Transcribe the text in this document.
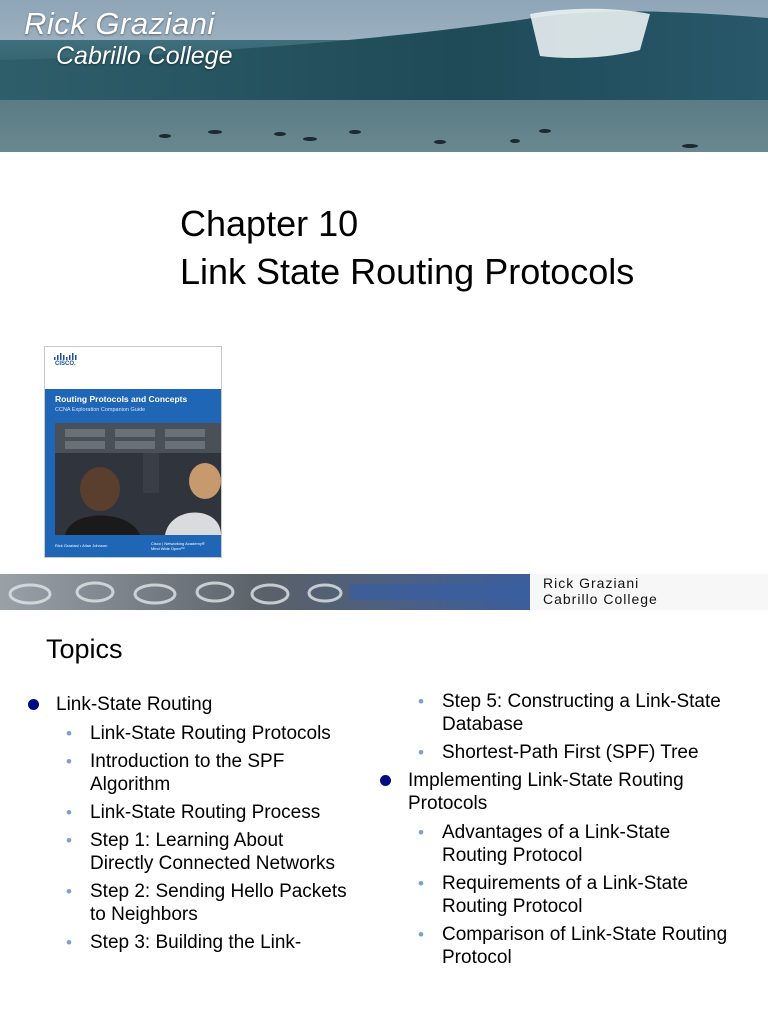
Rick Graziani
Cabrillo College
Chapter 10
Link State Routing Protocols
CISCO.
Routing Protocols and Concepts
CCNA Exploration Companion Guide
Rick Graziani • Allan Johnson	Cisco | Networking Academy®
Mind Wide Open™
Rick Graziani
Cabrillo College
Topics
Link-State Routing
• Link-State Routing Protocols
• Introduction to the SPF Algorithm
• Link-State Routing Process
• Step 1: Learning About Directly Connected Networks
• Step 2: Sending Hello Packets to Neighbors
• Step 3: Building the Link-
• Step 5: Constructing a Link-State Database
• Shortest-Path First (SPF) Tree
Implementing Link-State Routing Protocols
• Advantages of a Link-State Routing Protocol
• Requirements of a Link-State Routing Protocol
• Comparison of Link-State Routing Protocol
